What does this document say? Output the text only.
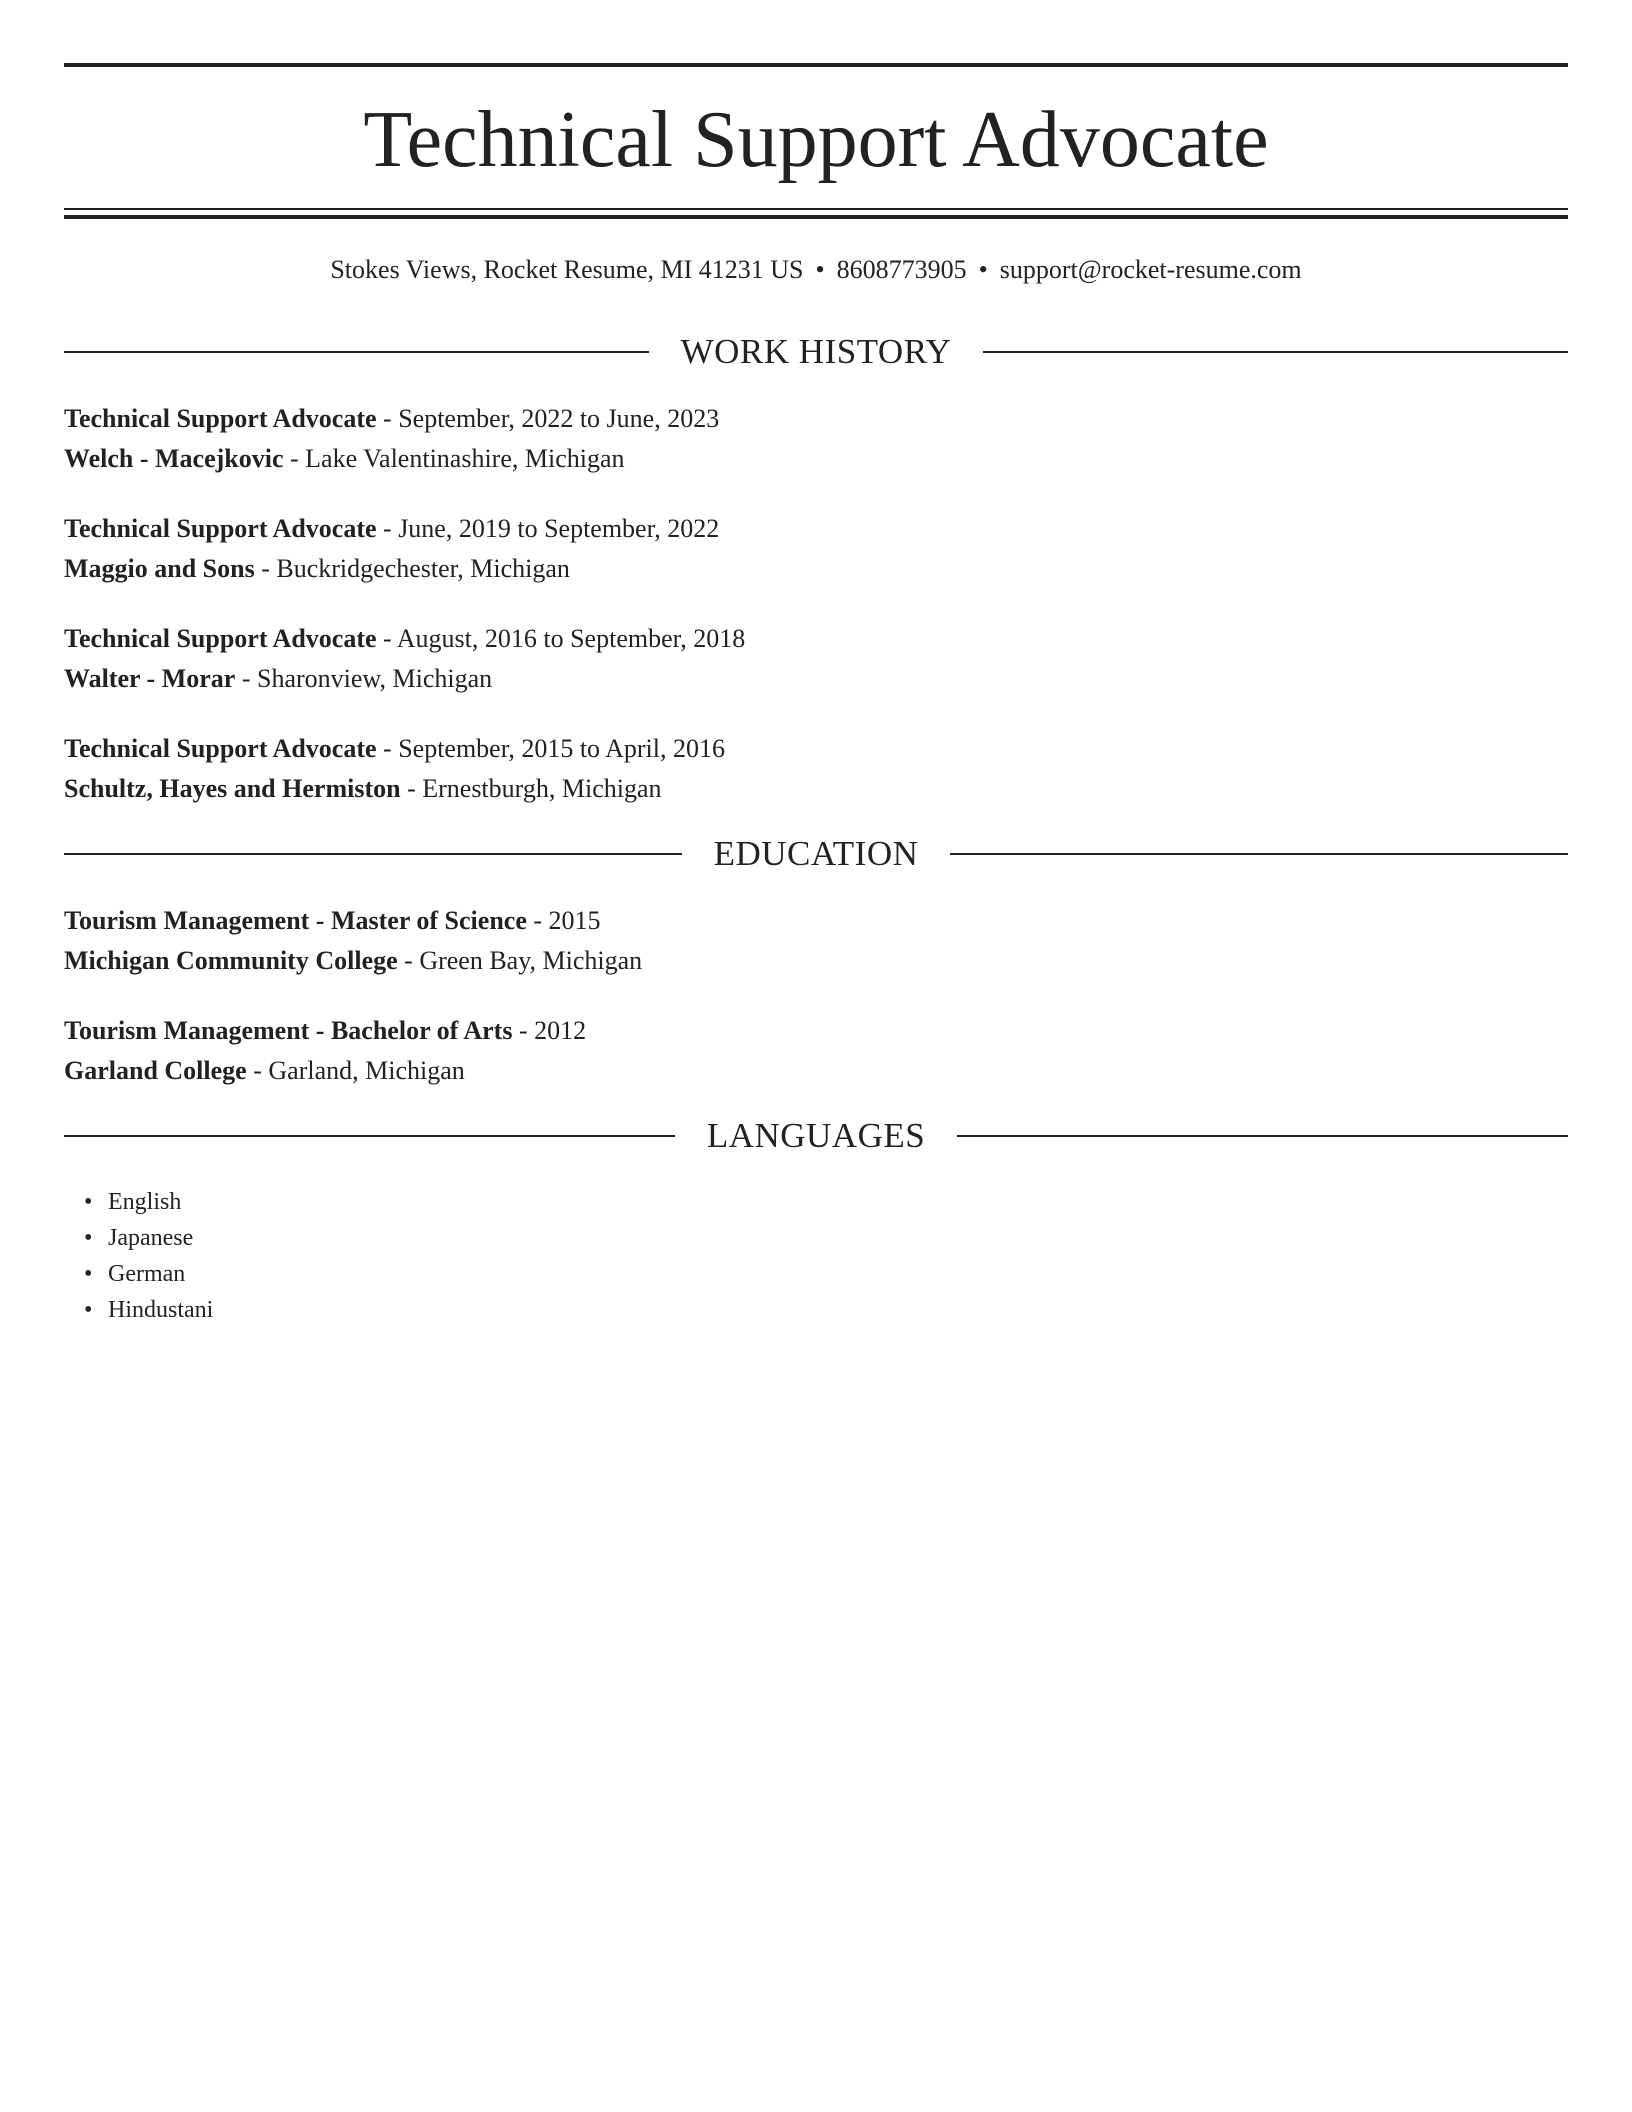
Technical Support Advocate
Stokes Views, Rocket Resume, MI 41231 US • 8608773905 • support@rocket-resume.com
WORK HISTORY
Technical Support Advocate - September, 2022 to June, 2023
Welch - Macejkovic - Lake Valentinashire, Michigan
Technical Support Advocate - June, 2019 to September, 2022
Maggio and Sons - Buckridgechester, Michigan
Technical Support Advocate - August, 2016 to September, 2018
Walter - Morar - Sharonview, Michigan
Technical Support Advocate - September, 2015 to April, 2016
Schultz, Hayes and Hermiston - Ernestburgh, Michigan
EDUCATION
Tourism Management - Master of Science - 2015
Michigan Community College - Green Bay, Michigan
Tourism Management - Bachelor of Arts - 2012
Garland College - Garland, Michigan
LANGUAGES
• English
• Japanese
• German
• Hindustani
